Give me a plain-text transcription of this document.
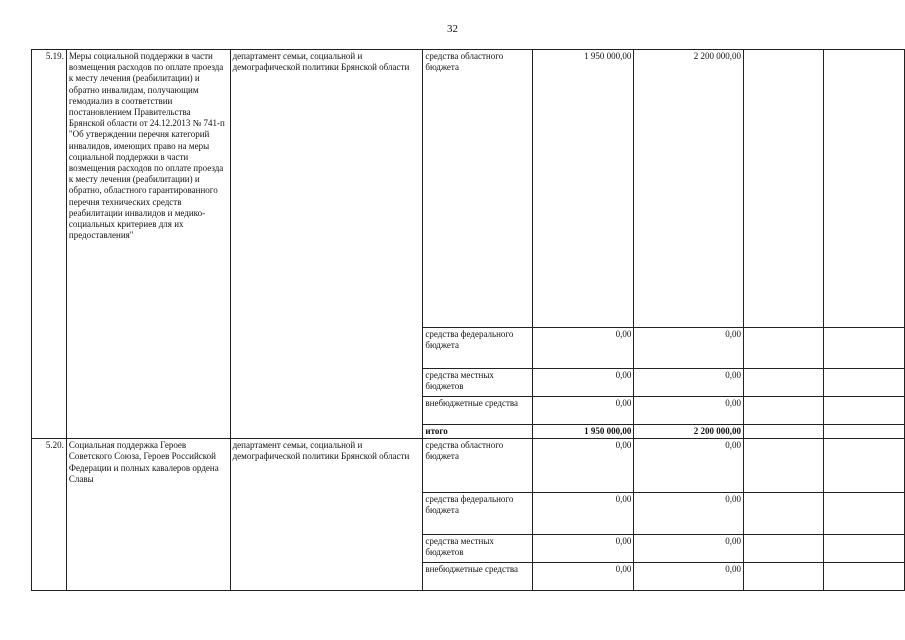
32
5.19.	Меры социальной поддержки в части возмещения расходов по оплате проезда к месту лечения (реабилитации) и обратно инвалидам, получающим гемодиализ в соответствии постановлением Правительства Брянской области от 24.12.2013 № 741-п "Об утверждении перечня категорий инвалидов, имеющих право на меры социальной поддержки в части возмещения расходов по оплате проезда к месту лечения (реабилитации) и обратно, областного гарантированного перечня технических средств реабилитации инвалидов и медико-социальных критериев для их предоставления"	департамент семьи, социальной и демографической политики Брянской области	средства областного бюджета	1 950 000,00	2 200 000,00		
			средства федерального бюджета	0,00	0,00		
			средства местных бюджетов	0,00	0,00		
			внебюджетные средства	0,00	0,00		
			итого	1 950 000,00	2 200 000,00		
5.20.	Социальная поддержка Героев Советского Союза, Героев Российской Федерации и полных кавалеров ордена Славы	департамент семьи, социальной и демографической политики Брянской области	средства областного бюджета	0,00	0,00		
			средства федерального бюджета	0,00	0,00		
			средства местных бюджетов	0,00	0,00		
			внебюджетные средства	0,00	0,00		
